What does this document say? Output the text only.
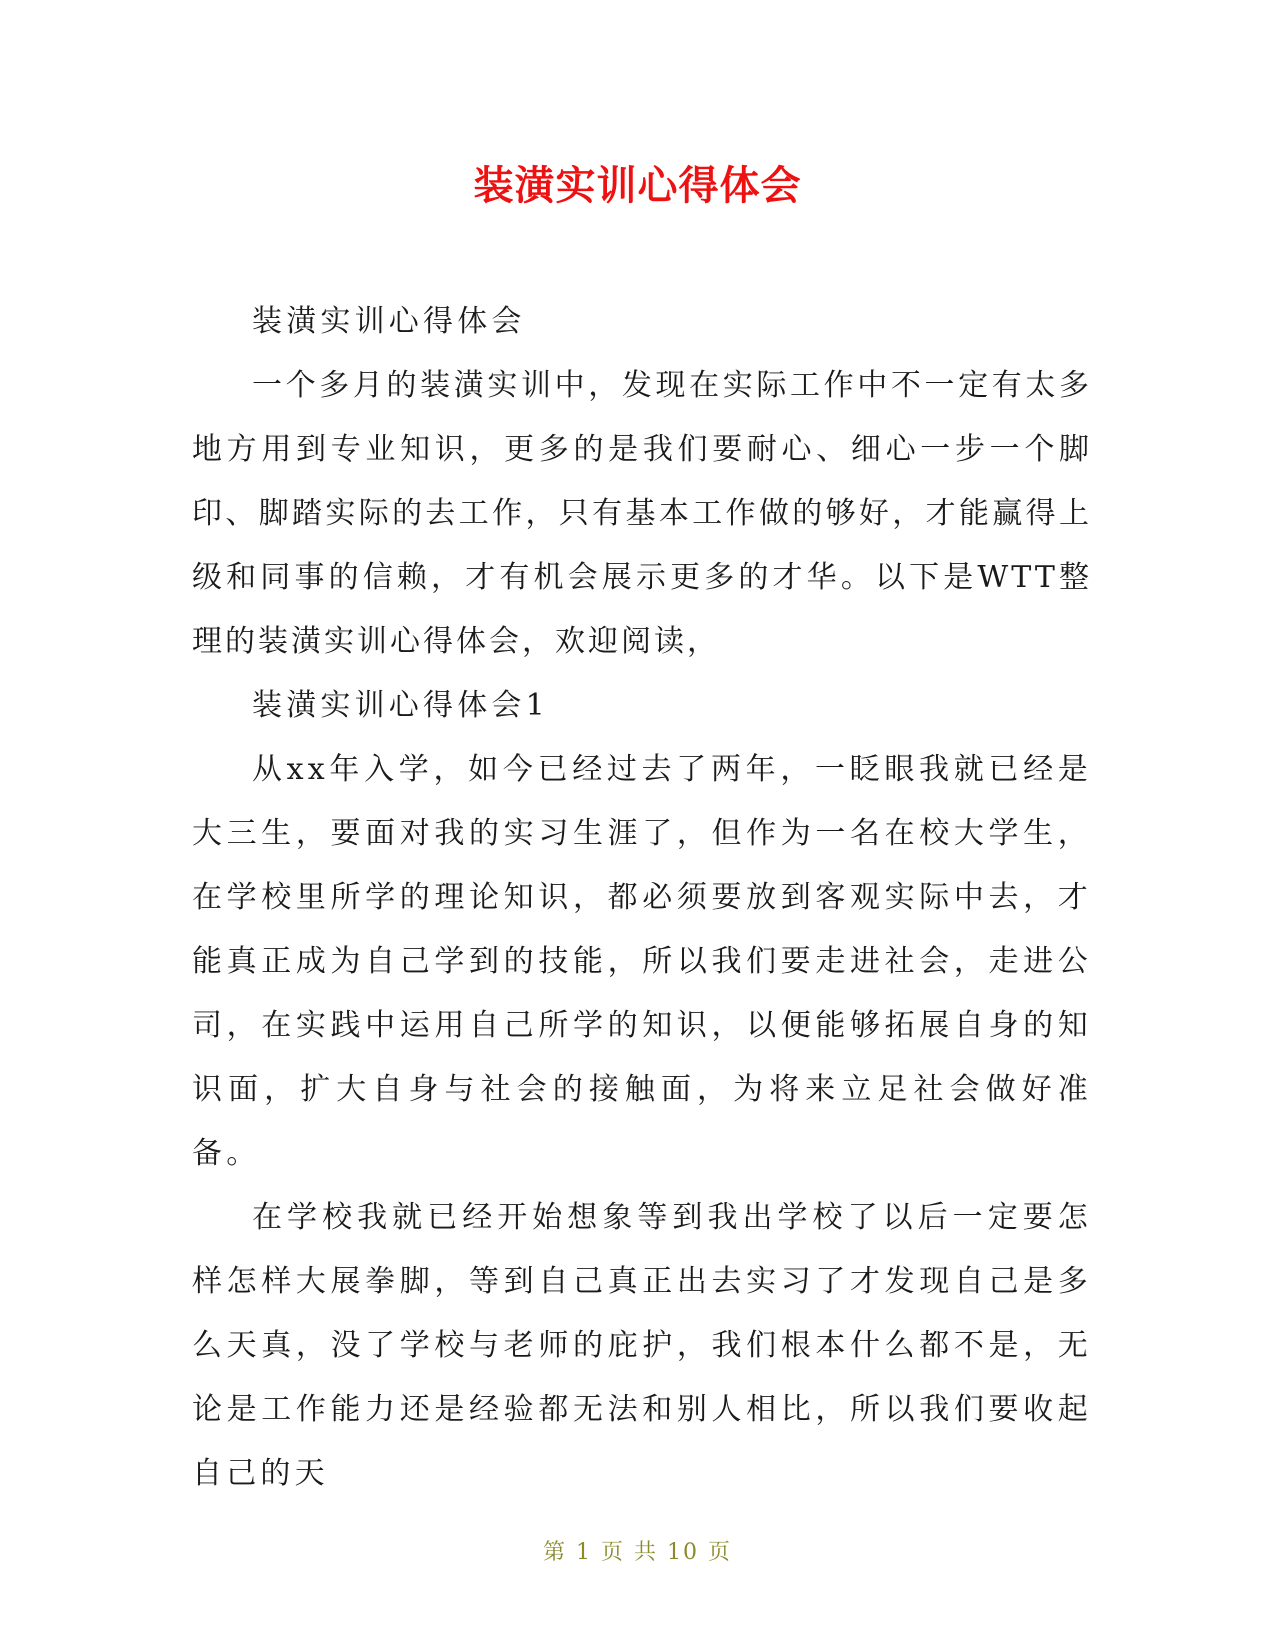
装潢实训心得体会

装潢实训心得体会

一个多月的装潢实训中，发现在实际工作中不一定有太多地方用到专业知识，更多的是我们要耐心、细心一步一个脚印、脚踏实际的去工作，只有基本工作做的够好，才能赢得上级和同事的信赖，才有机会展示更多的才华。以下是WTT整理的装潢实训心得体会，欢迎阅读，

装潢实训心得体会1

从xx年入学，如今已经过去了两年，一眨眼我就已经是大三生，要面对我的实习生涯了，但作为一名在校大学生，在学校里所学的理论知识，都必须要放到客观实际中去，才能真正成为自己学到的技能，所以我们要走进社会，走进公司，在实践中运用自己所学的知识，以便能够拓展自身的知识面，扩大自身与社会的接触面，为将来立足社会做好准备。

在学校我就已经开始想象等到我出学校了以后一定要怎样怎样大展拳脚，等到自己真正出去实习了才发现自己是多么天真，没了学校与老师的庇护，我们根本什么都不是，无论是工作能力还是经验都无法和别人相比，所以我们要收起自己的天

第 1 页 共 10 页
